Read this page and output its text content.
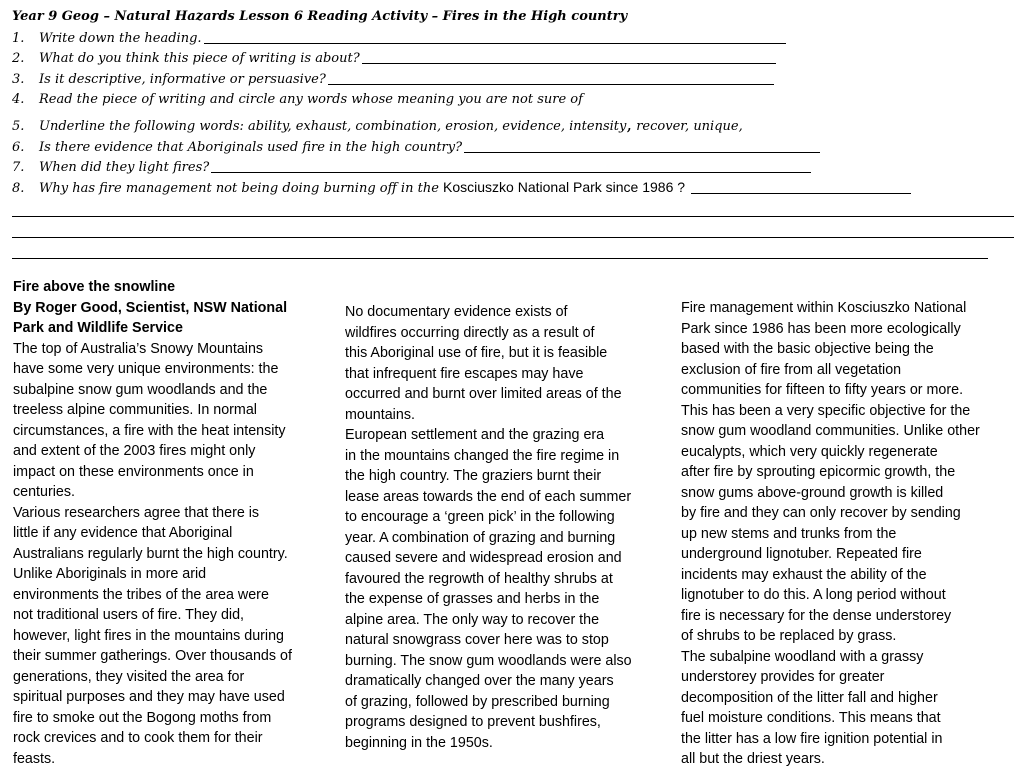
Year 9 Geog – Natural Hazards Lesson 6 Reading Activity – Fires in the High country
1.	Write down the heading.
2.	What do you think this piece of writing is about?
3.	Is it descriptive, informative or persuasive?
4.	Read the piece of writing and circle any words whose meaning you are not sure of
5.	Underline the following words: ability, exhaust, combination, erosion, evidence, intensity, recover, unique,
6.	Is there evidence that Aboriginals used fire in the high country?
7.	When did they light fires?
8.	Why has fire management not being doing burning off in the Kosciuszko National Park since 1986 ?

Fire above the snowline

By Roger Good, Scientist, NSW National

Park and Wildlife Service

The top of Australia’s Snowy Mountains

have some very unique environments: the

subalpine snow gum woodlands and the

treeless alpine communities. In normal

circumstances, a fire with the heat intensity

and extent of the 2003 fires might only

impact on these environments once in

centuries.

Various researchers agree that there is

little if any evidence that Aboriginal

Australians regularly burnt the high country.

Unlike Aboriginals in more arid

environments the tribes of the area were

not traditional users of fire. They did,

however, light fires in the mountains during

their summer gatherings. Over thousands of

generations, they visited the area for

spiritual purposes and they may have used

fire to smoke out the Bogong moths from

rock crevices and to cook them for their

feasts.

No documentary evidence exists of

wildfires occurring directly as a result of

this Aboriginal use of fire, but it is feasible

that infrequent fire escapes may have

occurred and burnt over limited areas of the

mountains.

European settlement and the grazing era

in the mountains changed the fire regime in

the high country. The graziers burnt their

lease areas towards the end of each summer

to encourage a ‘green pick’ in the following

year. A combination of grazing and burning

caused severe and widespread erosion and

favoured the regrowth of healthy shrubs at

the expense of grasses and herbs in the

alpine area. The only way to recover the

natural snowgrass cover here was to stop

burning. The snow gum woodlands were also

dramatically changed over the many years

of grazing, followed by prescribed burning

programs designed to prevent bushfires,

beginning in the 1950s.

Fire management within Kosciuszko National

Park since 1986 has been more ecologically

based with the basic objective being the

exclusion of fire from all vegetation

communities for fifteen to fifty years or more.

This has been a very specific objective for the

snow gum woodland communities. Unlike other

eucalypts, which very quickly regenerate

after fire by sprouting epicormic growth, the

snow gums above-ground growth is killed

by fire and they can only recover by sending

up new stems and trunks from the

underground lignotuber. Repeated fire

incidents may exhaust the ability of the

lignotuber to do this. A long period without

fire is necessary for the dense understorey

of shrubs to be replaced by grass.

The subalpine woodland with a grassy

understorey provides for greater

decomposition of the litter fall and higher

fuel moisture conditions. This means that

the litter has a low fire ignition potential in

all but the driest years.
